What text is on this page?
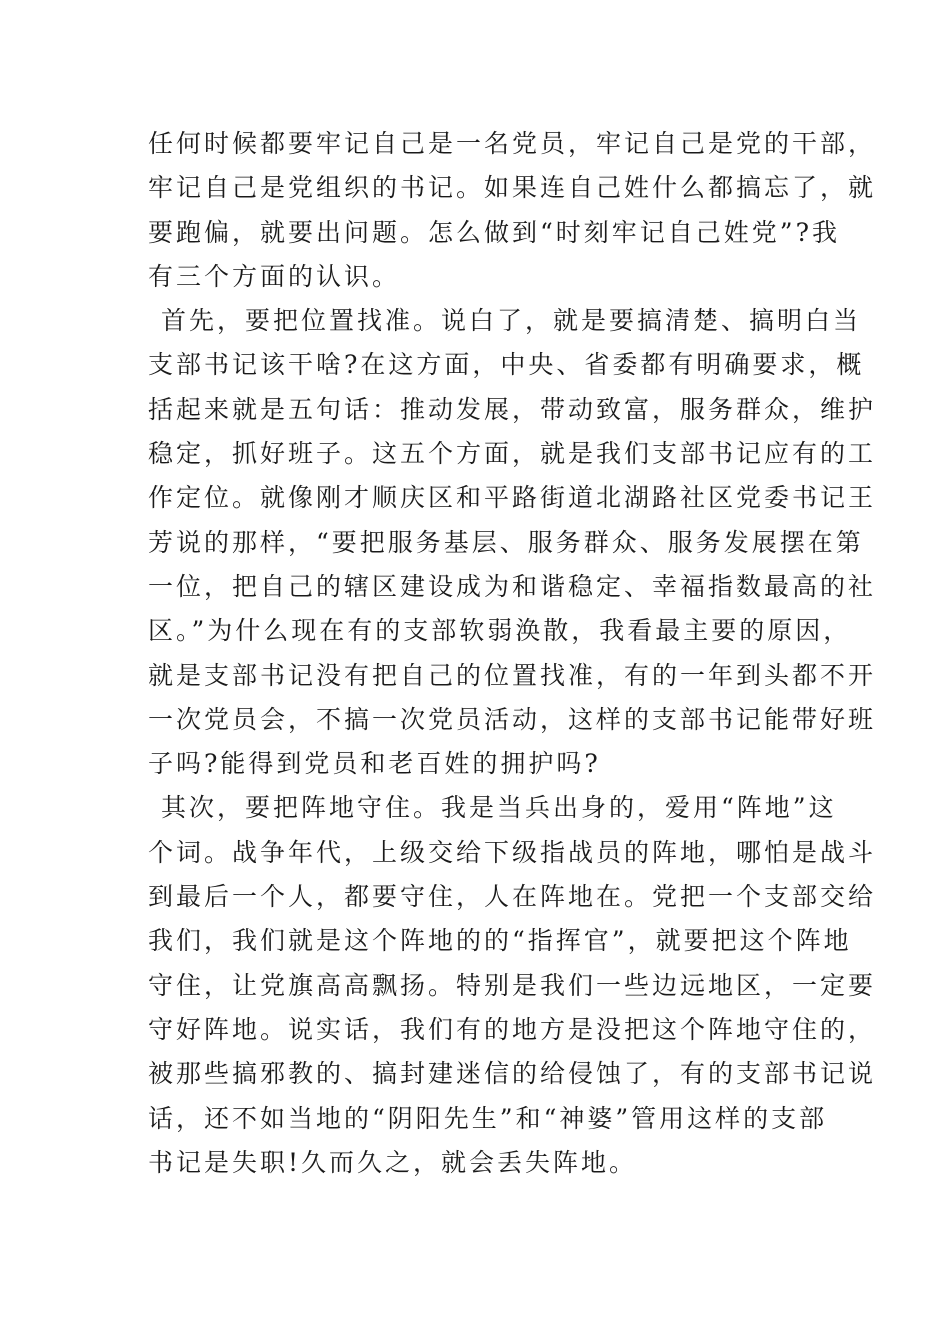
任何时候都要牢记自己是一名党员，牢记自己是党的干部，
牢记自己是党组织的书记。如果连自己姓什么都搞忘了，就
要跑偏，就要出问题。怎么做到“时刻牢记自己姓党”?我
有三个方面的认识。
首先，要把位置找准。说白了，就是要搞清楚、搞明白当
支部书记该干啥?在这方面，中央、省委都有明确要求，概
括起来就是五句话：推动发展，带动致富，服务群众，维护
稳定，抓好班子。这五个方面，就是我们支部书记应有的工
作定位。就像刚才顺庆区和平路街道北湖路社区党委书记王
芳说的那样，“要把服务基层、服务群众、服务发展摆在第
一位，把自己的辖区建设成为和谐稳定、幸福指数最高的社
区。”为什么现在有的支部软弱涣散，我看最主要的原因，
就是支部书记没有把自己的位置找准，有的一年到头都不开
一次党员会，不搞一次党员活动，这样的支部书记能带好班
子吗?能得到党员和老百姓的拥护吗?
其次，要把阵地守住。我是当兵出身的，爱用“阵地”这
个词。战争年代，上级交给下级指战员的阵地，哪怕是战斗
到最后一个人，都要守住，人在阵地在。党把一个支部交给
我们，我们就是这个阵地的的“指挥官”，就要把这个阵地
守住，让党旗高高飘扬。特别是我们一些边远地区，一定要
守好阵地。说实话，我们有的地方是没把这个阵地守住的，
被那些搞邪教的、搞封建迷信的给侵蚀了，有的支部书记说
话，还不如当地的“阴阳先生”和“神婆”管用这样的支部
书记是失职!久而久之，就会丢失阵地。
